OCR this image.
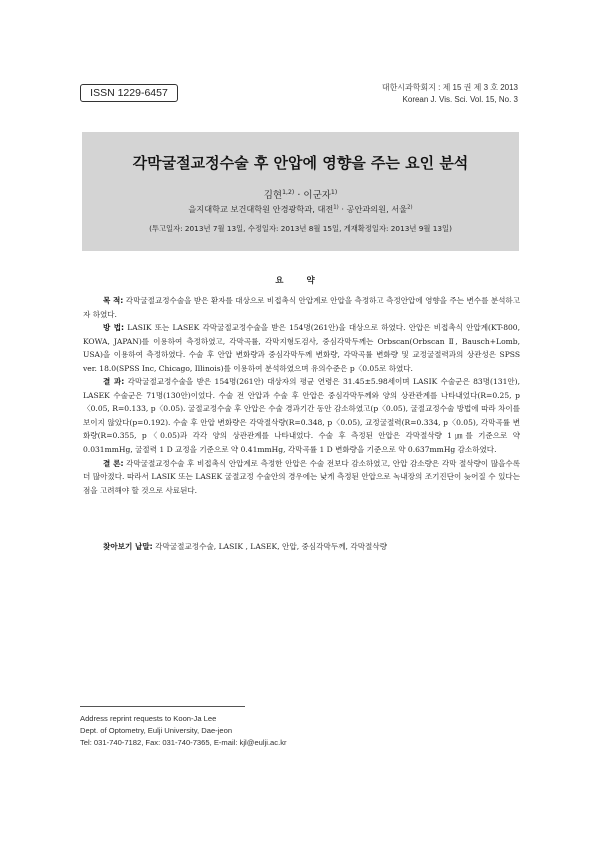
ISSN 1229-6457	대한시과학회지 : 제 15 권 제 3 호 2013
Korean J. Vis. Sci. Vol. 15, No. 3
각막굴절교정수술 후 안압에 영향을 주는 요인 분석
김현$^{1,2)}$ · 이군자$^{1)}$
을지대학교 보건대학원 안경광학과, 대전$^{1)}$ · 공안과의원, 서울$^{2)}$
(투고일자: 2013년 7월 13일, 수정일자: 2013년 8월 15일, 게재확정일자: 2013년 9월 13일)
요 약

목 적: 각막굴절교정수술을 받은 환자를 대상으로 비접촉식 안압계로 안압을 측정하고 측정안압에 영향을 주는 변수를 분석하고자 하였다.

방 법: LASIK 또는 LASEK 각막굴절교정수술을 받은 154명(261안)을 대상으로 하였다. 안압은 비접촉식 안압계(KT-800, KOWA, JAPAN)를 이용하여 측정하였고, 각막곡률, 각막지형도검사, 중심각막두께는 Orbscan(Orbscan Ⅱ, Bausch+Lomb, USA)을 이용하여 측정하였다. 수술 후 안압 변화량과 중심각막두께 변화량, 각막곡률 변화량 및 교정굴절력과의 상관성은 SPSS ver. 18.0(SPSS Inc, Chicago, Illinois)를 이용하여 분석하였으며 유의수준은 p〈0.05로 하였다.

결 과: 각막굴절교정수술을 받은 154명(261안) 대상자의 평균 연령은 31.45±5.98세이며 LASIK 수술군은 83명(131안), LASEK 수술군은 71명(130안)이었다. 수술 전 안압과 수술 후 안압은 중심각막두께와 양의 상관관계를 나타내었다(R=0.25, p〈0.05, R=0.133, p〈0.05). 굴절교정수술 후 안압은 수술 경과기간 동안 감소하였고(p〈0.05), 굴절교정수술 방법에 따라 차이를 보이지 않았다(p=0.192). 수술 후 안압 변화량은 각막절삭량(R=0.348, p〈0.05), 교정굴절력(R=0.334, p〈0.05), 각막곡률 변화량(R=0.355, p〈0.05)과 각각 양의 상관관계를 나타내었다. 수술 후 측정된 안압은 각막절삭량 1㎛를 기준으로 약 0.031mmHg, 굴절력 1 D 교정을 기준으로 약 0.41mmHg, 각막곡률 1 D 변화량을 기준으로 약 0.637mmHg 감소하였다.

결 론: 각막굴절교정수술 후 비접촉식 안압계로 측정한 안압은 수술 전보다 감소하였고, 안압 감소량은 각막 절삭량이 많을수록 더 많아졌다. 따라서 LASIK 또는 LASEK 굴절교정 수술안의 경우에는 낮게 측정된 안압으로 녹내장의 조기진단이 늦어질 수 있다는 점을 고려해야 할 것으로 사료된다.

찾아보기 낱말: 각막굴절교정수술, LASIK , LASEK, 안압, 중심각막두께, 각막절삭량
Address reprint requests to Koon-Ja Lee
Dept. of Optometry, Eulji University, Dae-jeon
Tel: 031-740-7182, Fax: 031-740-7365, E-mail: kjl@eulji.ac.kr
